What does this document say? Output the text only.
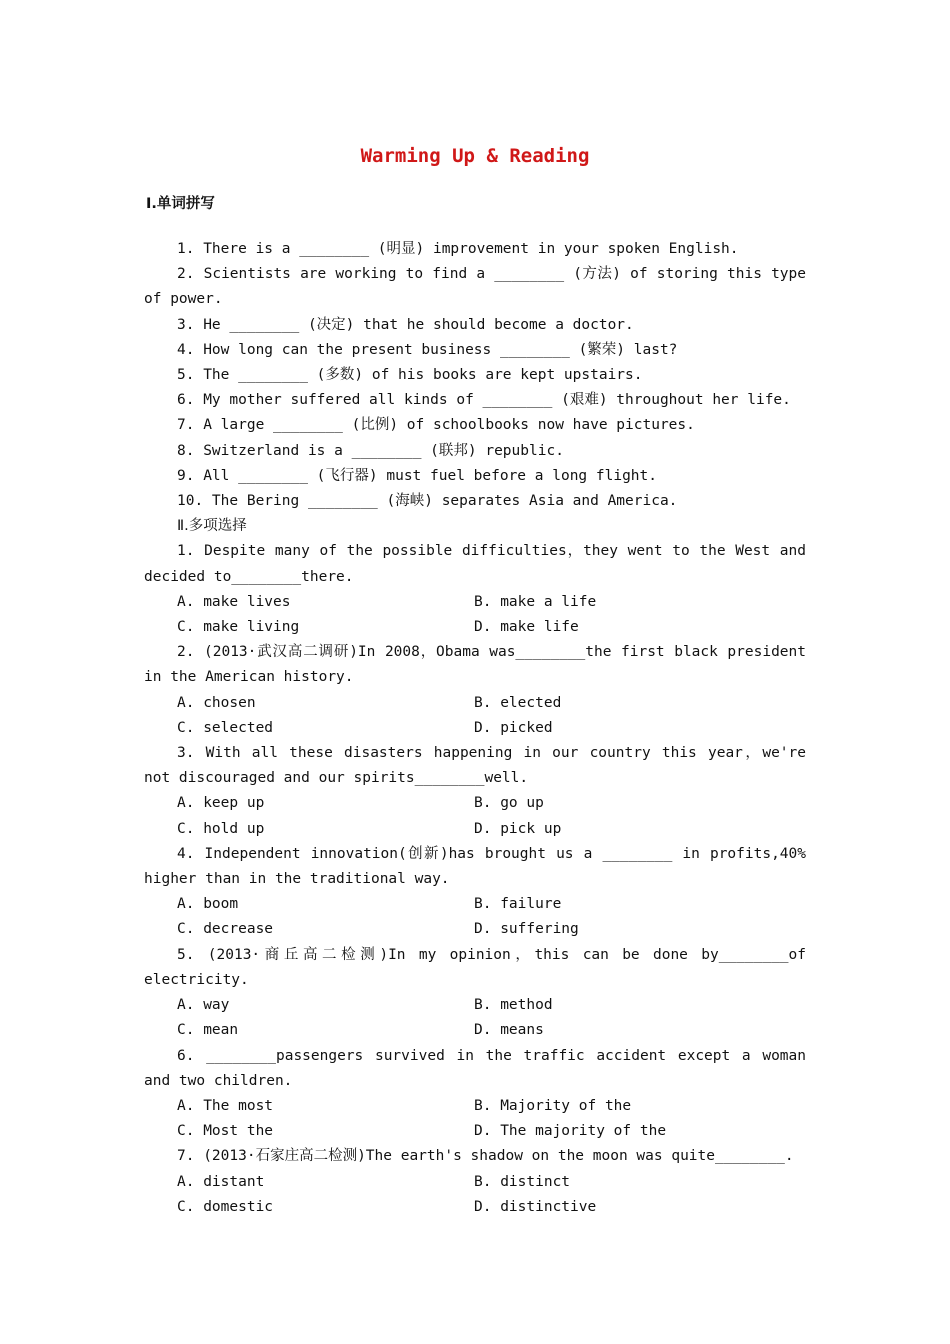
Warming Up & Reading
Ⅰ.单词拼写
1. There is a ________ (明显) improvement in your spoken English.
2. Scientists are working to find a ________ (方法) of storing this type of power.
3. He ________ (决定) that he should become a doctor.
4. How long can the present business ________ (繁荣) last?
5. The ________ (多数) of his books are kept upstairs.
6. My mother suffered all kinds of ________ (艰难) throughout her life.
7. A large ________ (比例) of schoolbooks now have pictures.
8. Switzerland is a ________ (联邦) republic.
9. All ________ (飞行器) must fuel before a long flight.
10. The Bering ________ (海峡) separates Asia and America.
Ⅱ.多项选择
1. Despite many of the possible difficulties，they went to the West and decided to________there.
A. make lives	B. make a life
C. make living	D. make life
2. (2013·武汉高二调研)In 2008，Obama was________the first black president in the American history.
A. chosen	B. elected
C. selected	D. picked
3. With all these disasters happening in our country this year，we're not discouraged and our spirits________well.
A. keep up	B. go up
C. hold up	D. pick up
4. Independent innovation(创新)has brought us a ________ in profits,40% higher than in the traditional way.
A. boom	B. failure
C. decrease	D. suffering
5. (2013·商丘高二检测)In my opinion，this can be done by________of electricity.
A. way	B. method
C. mean	D. means
6. ________passengers survived in the traffic accident except a woman and two children.
A. The most	B. Majority of the
C. Most the	D. The majority of the
7. (2013·石家庄高二检测)The earth's shadow on the moon was quite________.
A. distant	B. distinct
C. domestic	D. distinctive
